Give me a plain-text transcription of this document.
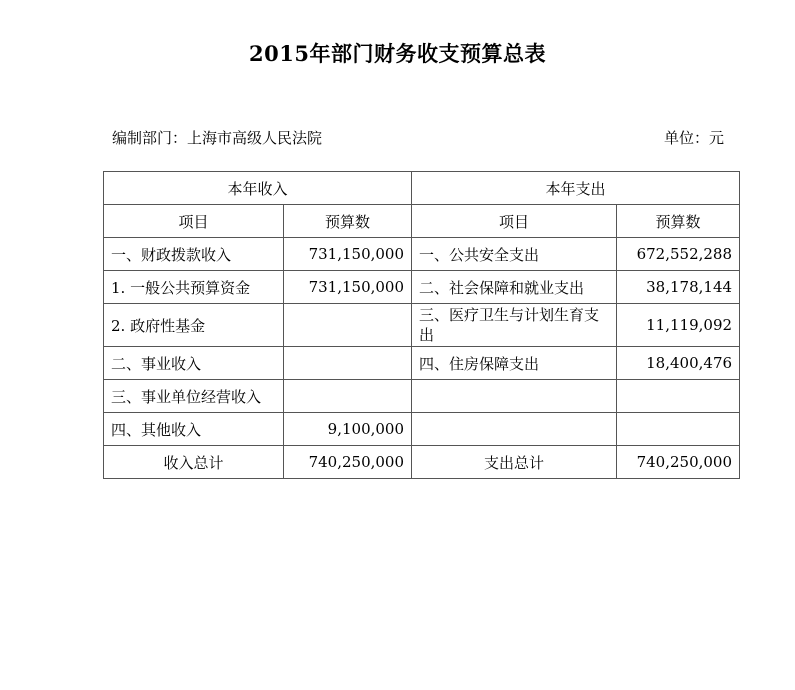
2015年部门财务收支预算总表
编制部门：上海市高级人民法院	单位：元
本年收入		本年支出	
项目	预算数	项目	预算数
一、财政拨款收入	731,150,000	一、公共安全支出	672,552,288
1. 一般公共预算资金	731,150,000	二、社会保障和就业支出	38,178,144
2. 政府性基金		三、医疗卫生与计划生育支出	11,119,092
二、事业收入		四、住房保障支出	18,400,476
三、事业单位经营收入			
四、其他收入	9,100,000		
收入总计	740,250,000	支出总计	740,250,000
